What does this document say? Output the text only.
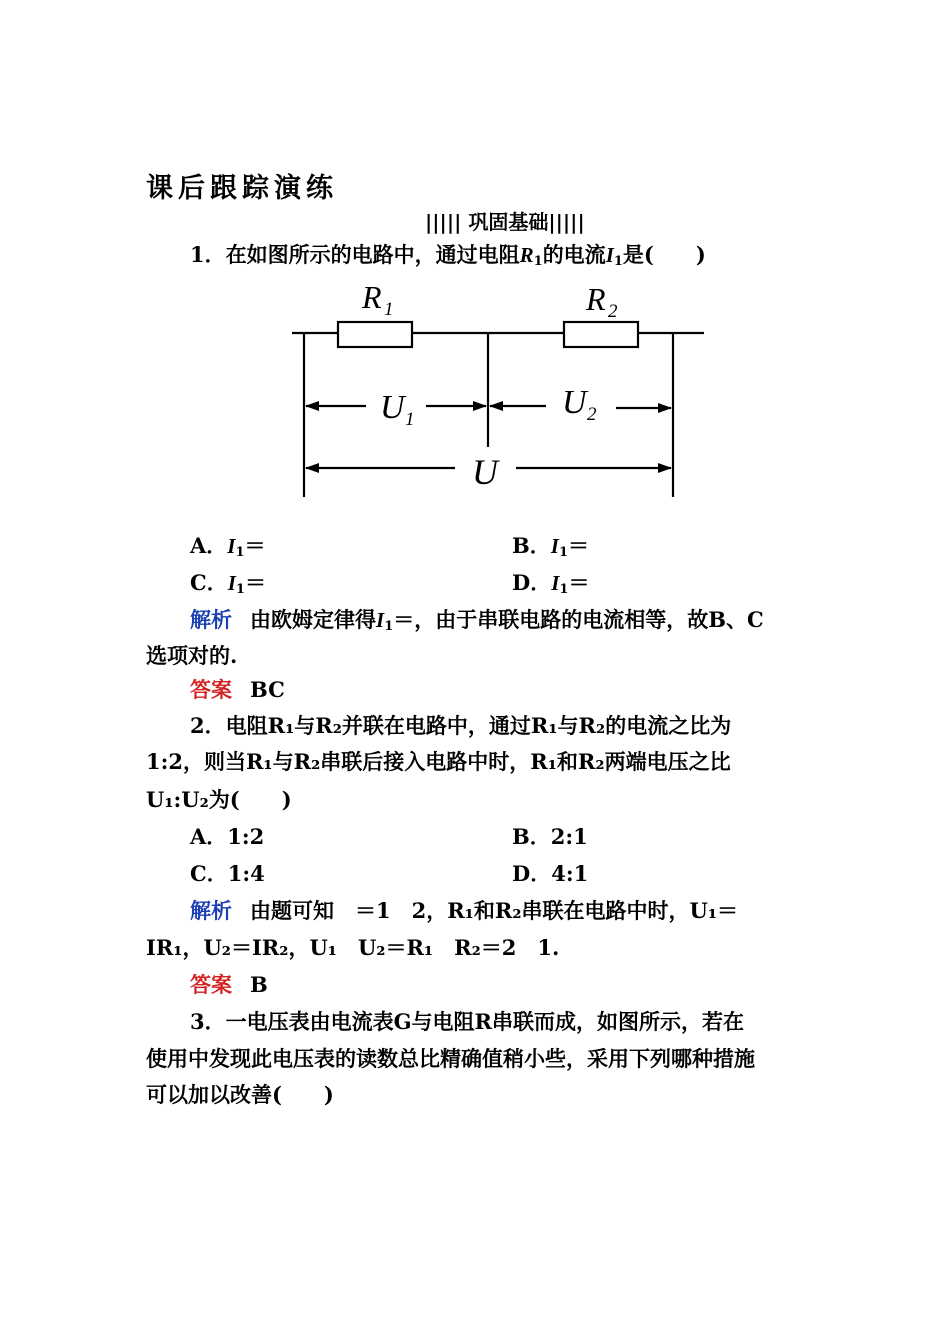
课后跟踪演练
||||| 巩固基础|||||
1．在如图所示的电路中，通过电阻$R_1$的电流$I_1$是(　　)
R 1	R 2
U 1	U 2
U
A．$I_1=$	B．$I_1=$
C．$I_1=$	D．$I_1=$
解析 由欧姆定律得$I_1=$，由于串联电路的电流相等，故B、C
选项对的.
答案 BC
2．电阻R₁与R₂并联在电路中，通过R₁与R₂的电流之比为
1:2，则当R₁与R₂串联后接入电路中时，R₁和R₂两端电压之比
U₁:U₂为(　　)
A．1:2	B．2:1
C．1:4	D．4:1
解析 由题可知　＝1　2，R₁和R₂串联在电路中时，U₁＝
IR₁，U₂＝IR₂，U₁　U₂＝R₁　R₂＝2　1.
答案 B
3．一电压表由电流表G与电阻R串联而成，如图所示，若在
使用中发现此电压表的读数总比精确值稍小些，采用下列哪种措施
可以加以改善(　　)
